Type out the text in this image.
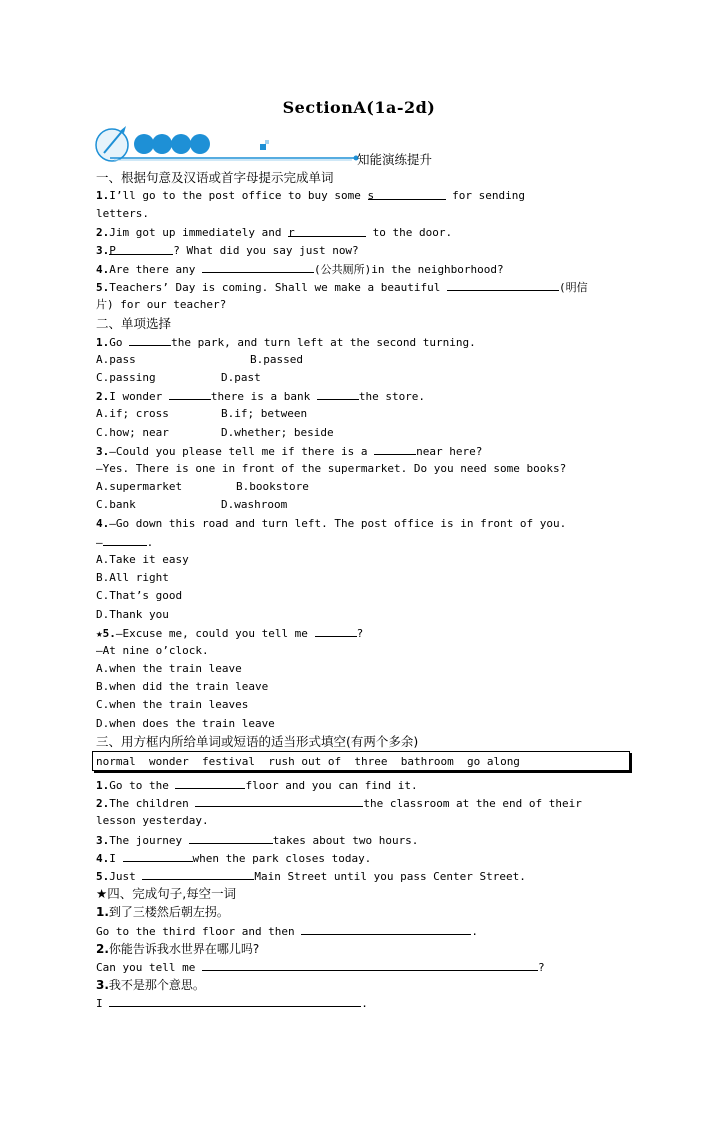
SectionA(1a-2d)
知能演练提升
一、根据句意及汉语或首字母提示完成单词
1.I’ll go to the post office to buy some s	for sending
letters.
2.Jim got up immediately and r	to the door.
3.P	? What did you say just now?
4.Are there any	(公共厕所)in the neighborhood?
5.Teachers’ Day is coming. Shall we make a beautiful	(明信
片) for our teacher?
二、单项选择
1.Go	the park, and turn left at the second turning.
A.pass	B.passed
C.passing	D.past
2.I wonder	there is a bank	the store.
A.if; cross	B.if; between
C.how; near	D.whether; beside
3.—Could you please tell me if there is a	near here?
—Yes. There is one in front of the supermarket. Do you need some books?
A.supermarket	B.bookstore
C.bank	D.washroom
4.—Go down this road and turn left. The post office is in front of you.
—	.
A.Take it easy
B.All right
C.That’s good
D.Thank you
★5.—Excuse me, could you tell me	?
—At nine o’clock.
A.when the train leave
B.when did the train leave
C.when the train leaves
D.when does the train leave
三、用方框内所给单词或短语的适当形式填空(有两个多余)
normal wonder festival rush out of three bathroom go along
1.Go to the	floor and you can find it.
2.The children	the classroom at the end of their
lesson yesterday.
3.The journey	takes about two hours.
4.I	when the park closes today.
5.Just	Main Street until you pass Center Street.
★四、完成句子,每空一词
1.到了三楼然后朝左拐。
Go to the third floor and then	.
2.你能告诉我水世界在哪儿吗?
Can you tell me	?
3.我不是那个意思。
I	.
